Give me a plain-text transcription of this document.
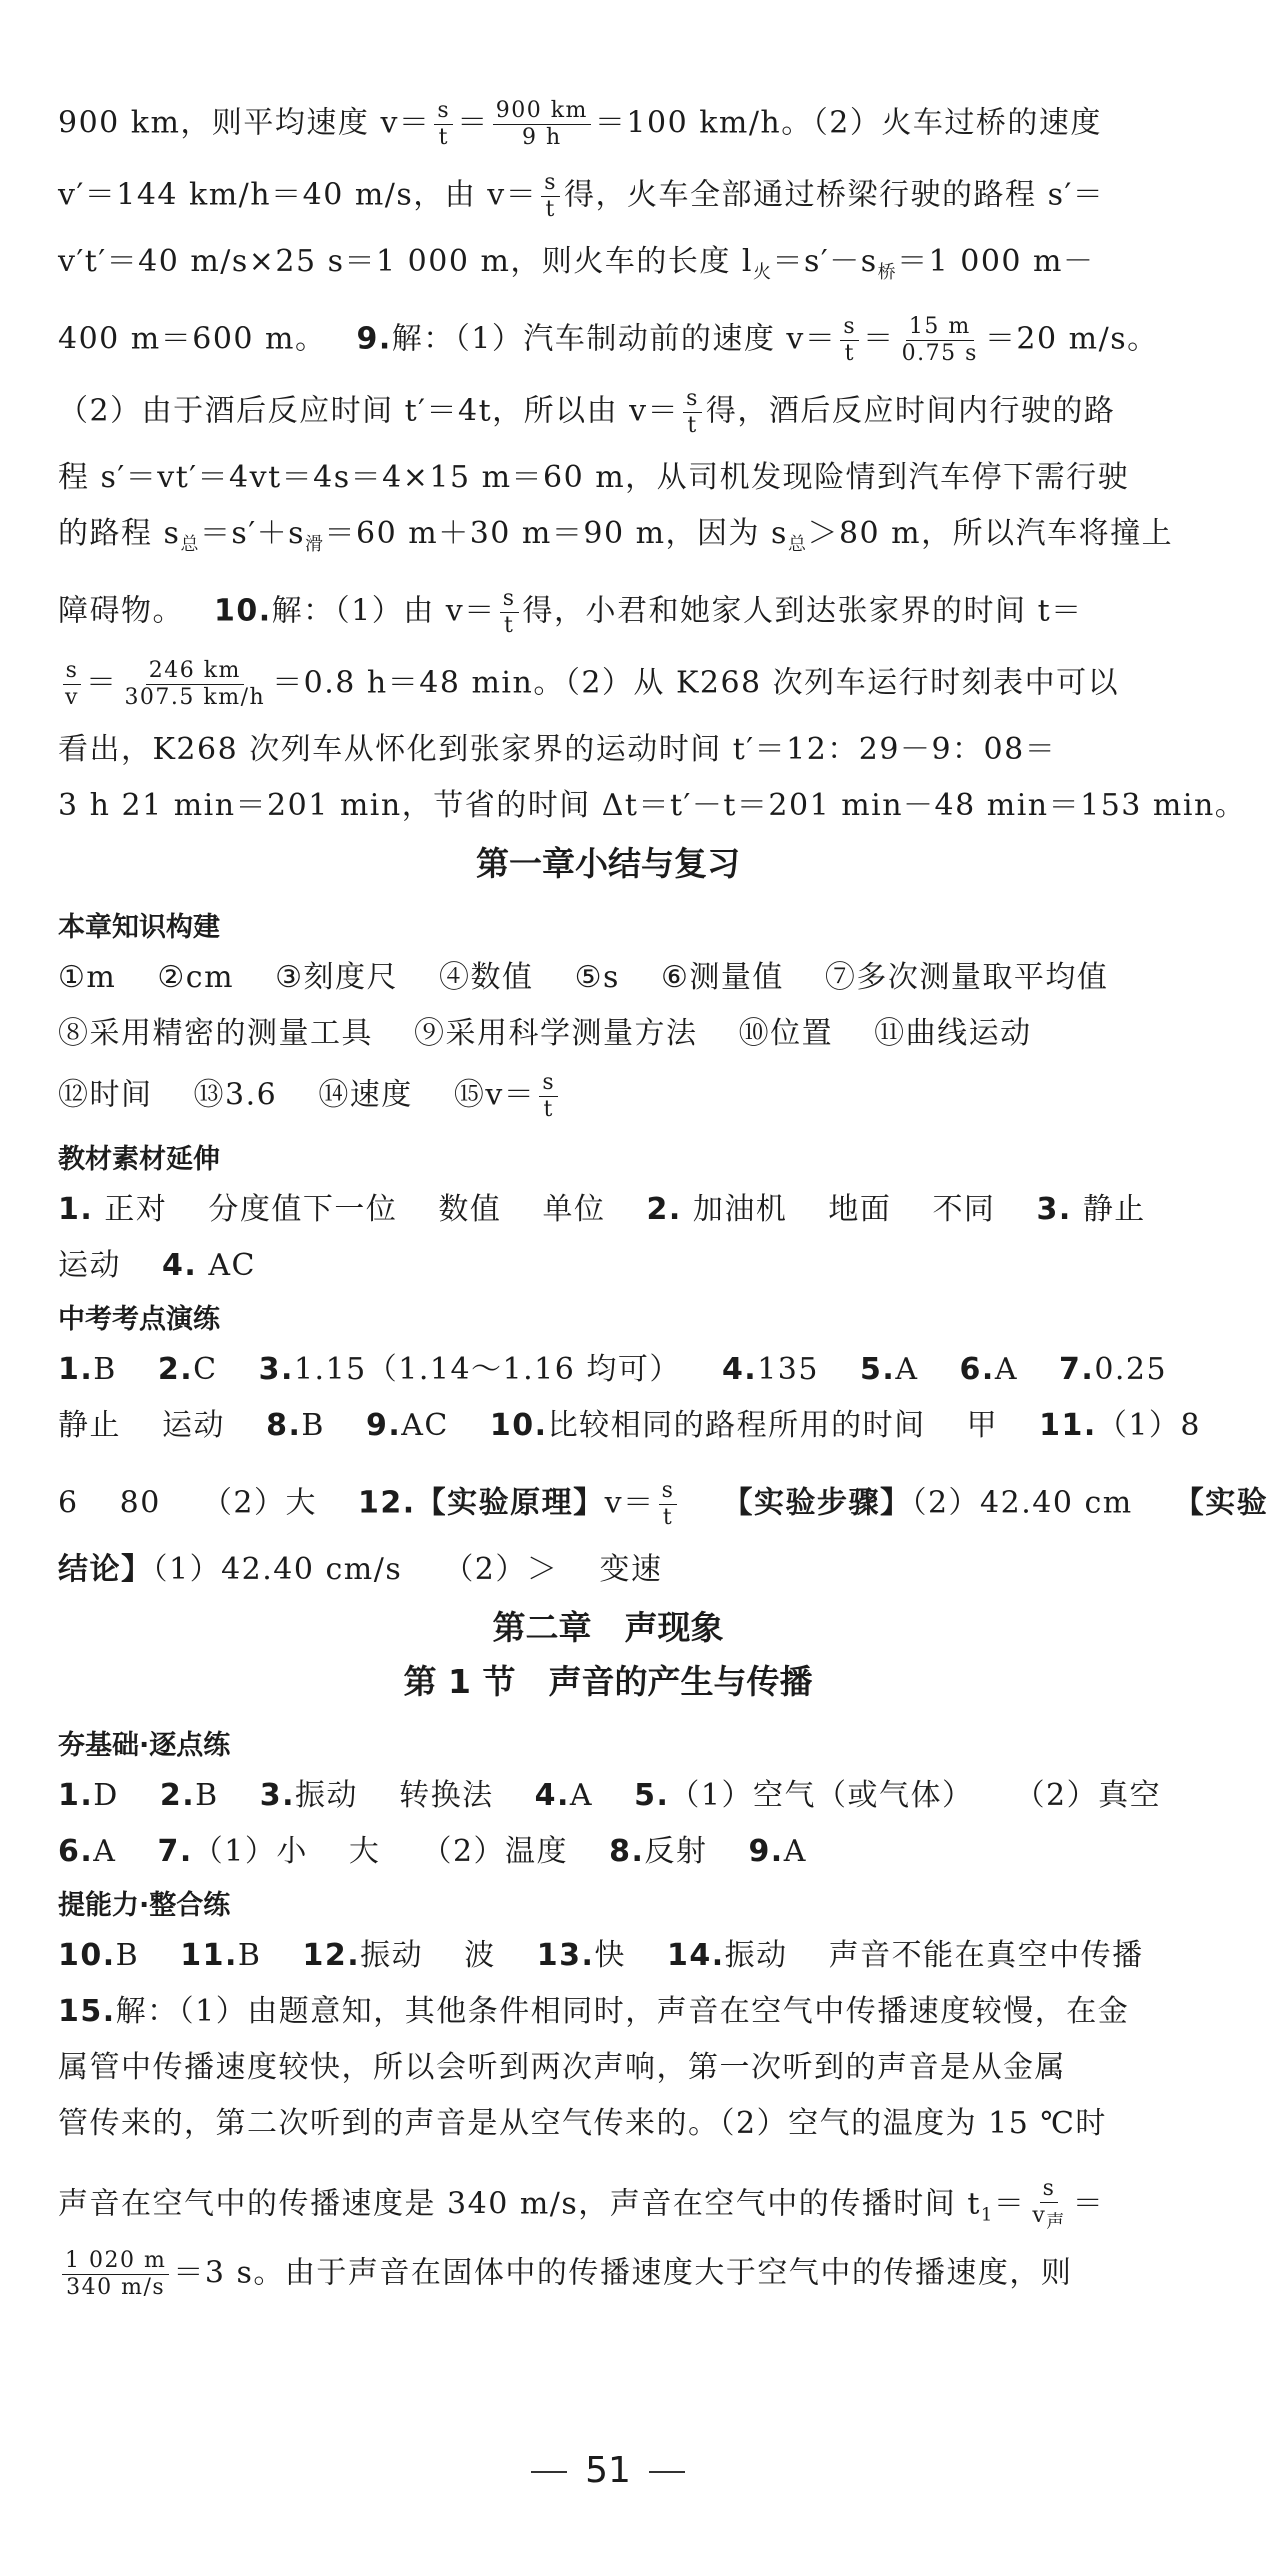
900 km，则平均速度 $v= \frac{s}{t} = \frac{900 km}{9 h} =100$ km/h。（2）火车过桥的速度
v′＝144 km/h＝40 m/s，由 $v= \frac{s}{t}$ 得，火车全部通过桥梁行驶的路程 s′＝
v′t′＝40 m/s×25 s＝1 000 m，则火车的长度 $l_火=s'-s_桥=1$ 000 m－
400 m＝600 m。 9.解：（1）汽车制动前的速度 $v= \frac{s}{t} = \frac{15 m}{0.75 s} =20$ m/s。
（2）由于酒后反应时间 t′＝4t，所以由 $v= \frac{s}{t}$ 得，酒后反应时间内行驶的路
程 s′＝vt′＝4vt＝4s＝4×15 m＝60 m，从司机发现险情到汽车停下需行驶
的路程 $s_总=s'+s_滑=60$ m＋30 m＝90 m，因为 $s_总>80$ m，所以汽车将撞上
障碍物。 10.解：（1）由 $v= \frac{s}{t}$ 得，小君和她家人到达张家界的时间 t＝
$\frac{s}{v} = \frac{246 km}{307.5 km/h} =0.8$ h＝48 min。（2）从 K268 次列车运行时刻表中可以
看出，K268 次列车从怀化到张家界的运动时间 t′＝12：29－9：08＝
3 h 21 min＝201 min，节省的时间 Δt＝t′－t＝201 min－48 min＝153 min。
第一章小结与复习
本章知识构建
①m ②cm ③刻度尺 ④数值 ⑤s ⑥测量值 ⑦多次测量取平均值
⑧采用精密的测量工具 ⑨采用科学测量方法 ⑩位置 ⑪曲线运动
⑫时间 ⑬3.6 ⑭速度 ⑮v＝ $\frac{s}{t}$
教材素材延伸
1. 正对 分度值下一位 数值 单位 2. 加油机 地面 不同 3. 静止
运动 4. AC
中考考点演练
1.B 2.C 3.1.15（1.14～1.16 均可） 4.135 5.A 6.A 7.0.25
静止 运动 8.B 9.AC 10.比较相同的路程所用的时间 甲 11.（1）8
6 80 （2）大 12.【实验原理】$v= \frac{s}{t}$ 【实验步骤】（2）42.40 cm 【实验
结论】（1）42.40 cm/s （2）＞ 变速
第二章　声现象
第 1 节　声音的产生与传播
夯基础·逐点练
1.D 2.B 3.振动 转换法 4.A 5.（1）空气（或气体） （2）真空
6.A 7.（1）小 大 （2）温度 8.反射 9.A
提能力·整合练
10.B 11.B 12.振动 波 13.快 14.振动 声音不能在真空中传播
15.解：（1）由题意知，其他条件相同时，声音在空气中传播速度较慢，在金
属管中传播速度较快，所以会听到两次声响，第一次听到的声音是从金属
管传来的，第二次听到的声音是从空气传来的。（2）空气的温度为 15 ℃时
声音在空气中的传播速度是 340 m/s，声音在空气中的传播时间 $t_1= \frac{s}{v_声}$ ＝
$\frac{1 020 m}{340 m/s} =3$ s。由于声音在固体中的传播速度大于空气中的传播速度，则
51
